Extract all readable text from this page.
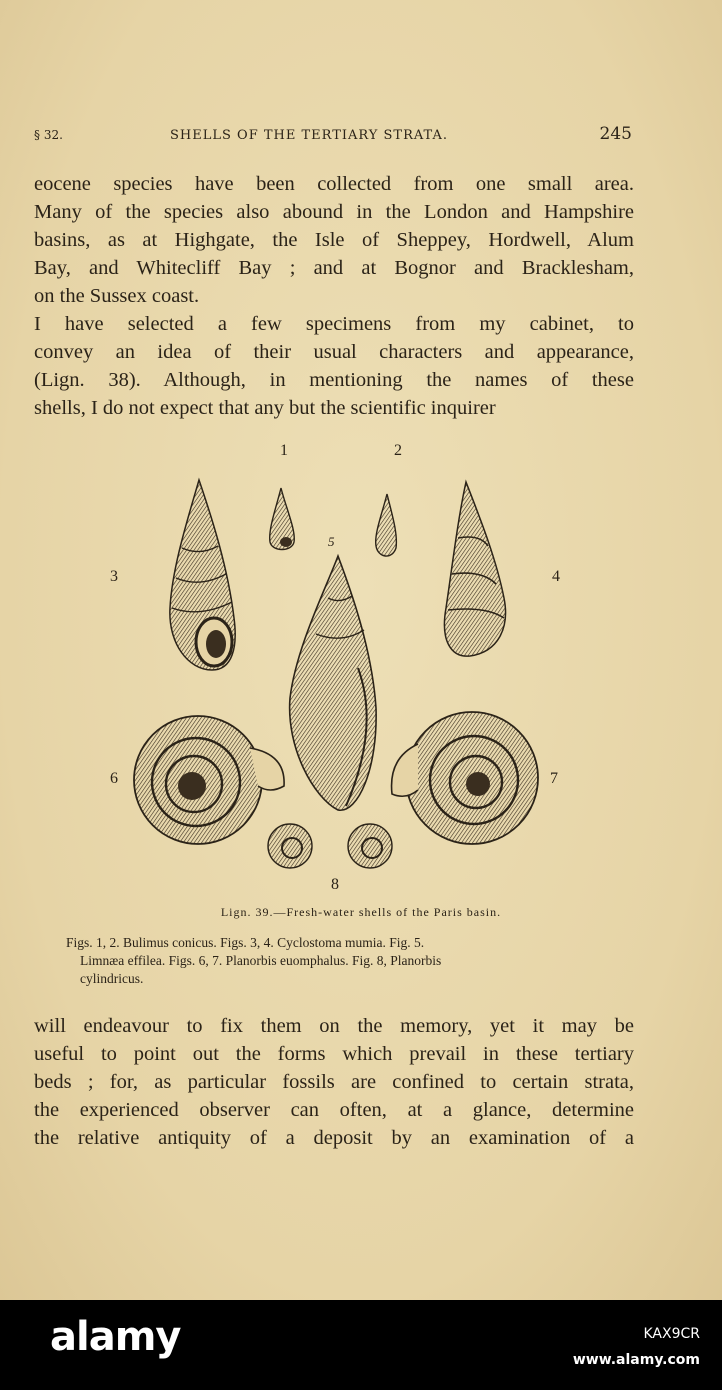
§ 32.	SHELLS OF THE TERTIARY STRATA.	245

eocene species have been collected from one small area.
Many of the species also abound in the London and Hampshire
basins, as at Highgate, the Isle of Sheppey, Hordwell, Alum
Bay, and Whitecliff Bay ; and at Bognor and Bracklesham,
on the Sussex coast.

I have selected a few specimens from my cabinet, to
convey an idea of their usual characters and appearance,
(Lign. 38). Although, in mentioning the names of these
shells, I do not expect that any but the scientific inquirer

1	2
3	4
5
6	7
8
Lign. 39.—Fresh-water shells of the Paris basin.
Figs. 1, 2. Bulimus conicus. Figs. 3, 4. Cyclostoma mumia. Fig. 5.
Limnæa effilea. Figs. 6, 7. Planorbis euomphalus. Fig. 8, Planorbis
cylindricus.

will endeavour to fix them on the memory, yet it may be
useful to point out the forms which prevail in these tertiary
beds ; for, as particular fossils are confined to certain strata,
the experienced observer can often, at a glance, determine
the relative antiquity of a deposit by an examination of a

alamy	KAX9CR
www.alamy.com
